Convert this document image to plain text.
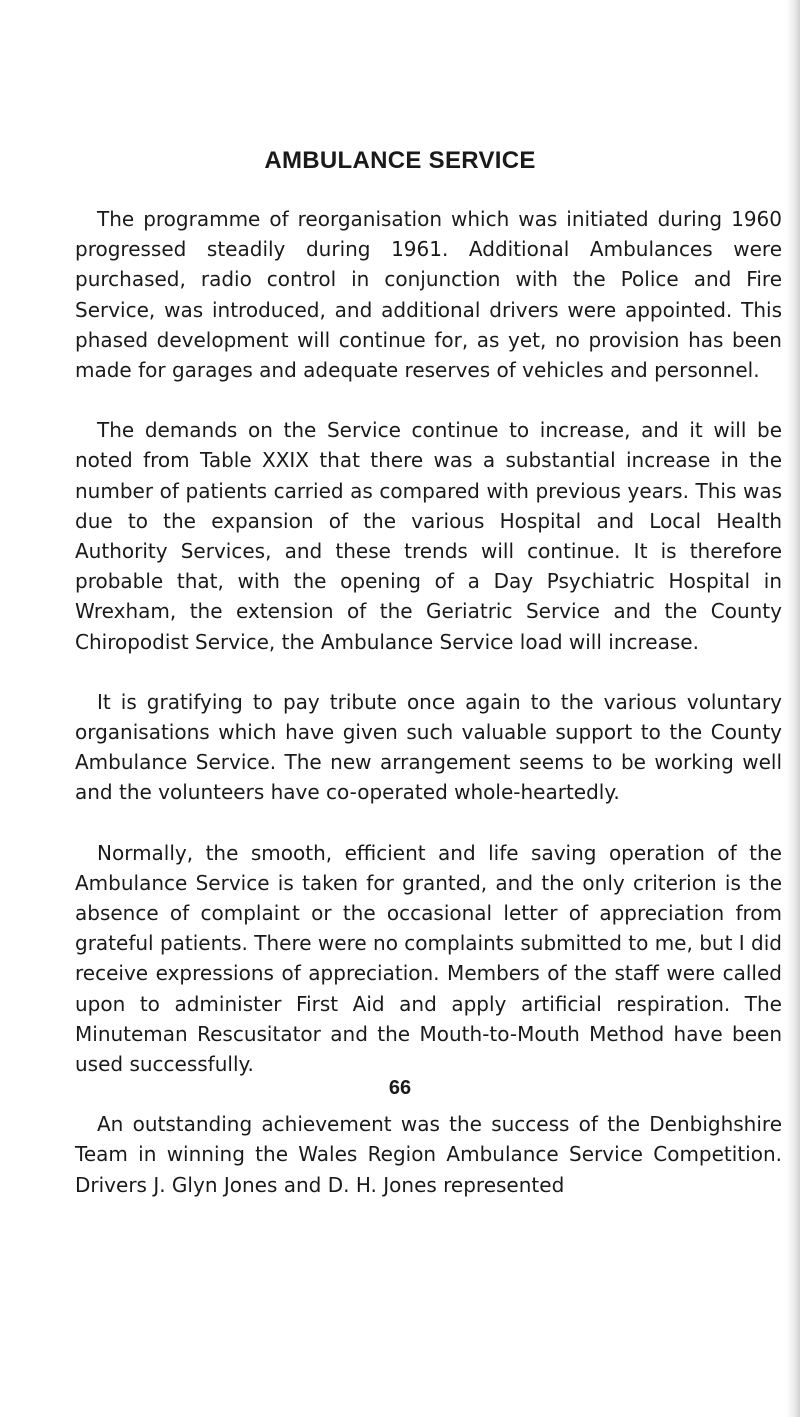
AMBULANCE SERVICE

The programme of reorganisation which was initiated during 1960 progressed steadily during 1961. Additional Ambulances were purchased, radio control in conjunction with the Police and Fire Service, was introduced, and additional drivers were appointed. This phased development will continue for, as yet, no provision has been made for garages and adequate reserves of vehicles and personnel.

The demands on the Service continue to increase, and it will be noted from Table XXIX that there was a substantial increase in the number of patients carried as compared with previous years. This was due to the expansion of the various Hospital and Local Health Authority Services, and these trends will continue. It is therefore probable that, with the opening of a Day Psychiatric Hospital in Wrexham, the extension of the Geriatric Service and the County Chiropodist Service, the Ambulance Service load will increase.

It is gratifying to pay tribute once again to the various voluntary organisations which have given such valuable support to the County Ambulance Service. The new arrangement seems to be working well and the volunteers have co-operated whole-heartedly.

Normally, the smooth, efficient and life saving operation of the Ambulance Service is taken for granted, and the only criterion is the absence of complaint or the occasional letter of appreciation from grateful patients. There were no complaints submitted to me, but I did receive expressions of appreciation. Members of the staff were called upon to administer First Aid and apply artificial respiration. The Minuteman Rescusitator and the Mouth-to-Mouth Method have been used successfully.

An outstanding achievement was the success of the Denbighshire Team in winning the Wales Region Ambulance Service Competition. Drivers J. Glyn Jones and D. H. Jones represented

66
